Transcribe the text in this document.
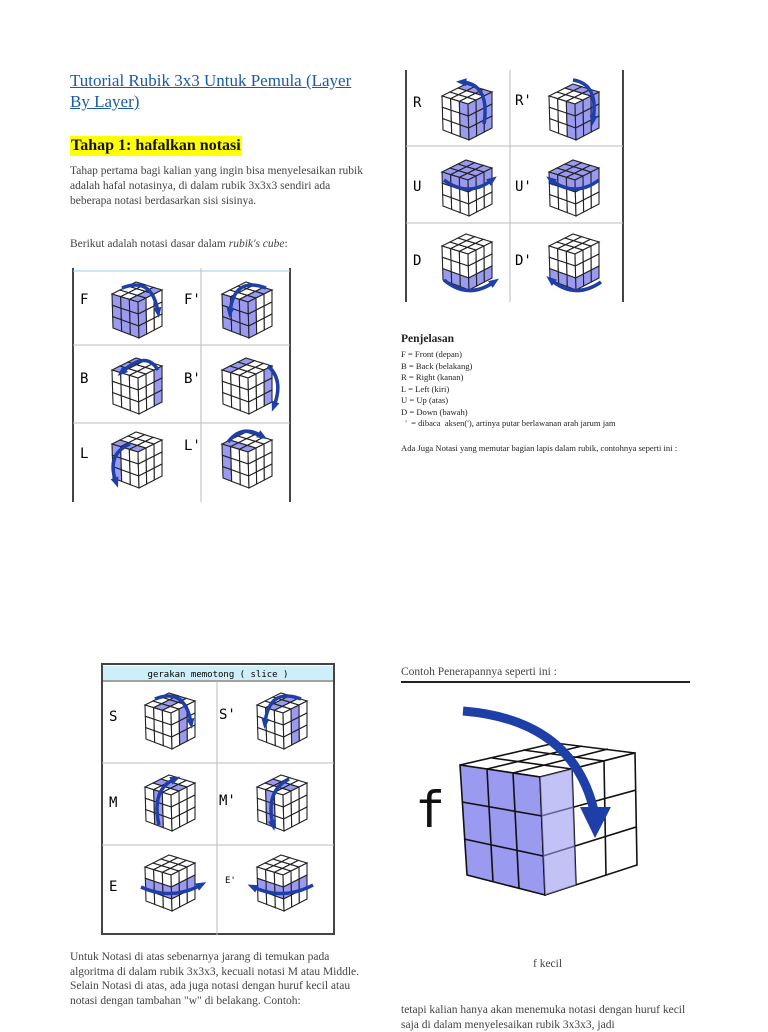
Tutorial Rubik 3x3 Untuk Pemula (Layer By Layer)
Tahap 1: hafalkan notasi
Tahap pertama bagi kalian yang ingin bisa menyelesaikan rubik adalah hafal notasinya, di dalam rubik 3x3x3 sendiri ada beberapa notasi berdasarkan sisi sisinya.
Berikut adalah notasi dasar dalam rubik's cube:
F	F'
B	B'
L	L'
R	R'
U	U'
D	D'
Penjelasan
F = Front (depan)
B = Back (belakang)
R = Right (kanan)
L = Left (kiri)
U = Up (atas)
D = Down (bawah)
'  = dibaca  aksen('), artinya putar berlawanan arah jarum jam
Ada Juga Notasi yang memutar bagian lapis dalam rubik, contohnya seperti ini :
gerakan memotong ( slice )
S	S'
M	M'
E	E'
Contoh Penerapannya seperti ini :
f
f kecil
Untuk Notasi di atas sebenarnya jarang di temukan pada algoritma di dalam rubik 3x3x3, kecuali notasi M atau Middle.
Selain Notasi di atas, ada juga notasi dengan huruf kecil atau notasi dengan tambahan "w" di belakang. Contoh:
tetapi kalian hanya akan menemuka notasi dengan huruf kecil saja di dalam menyelesaikan rubik 3x3x3, jadi
